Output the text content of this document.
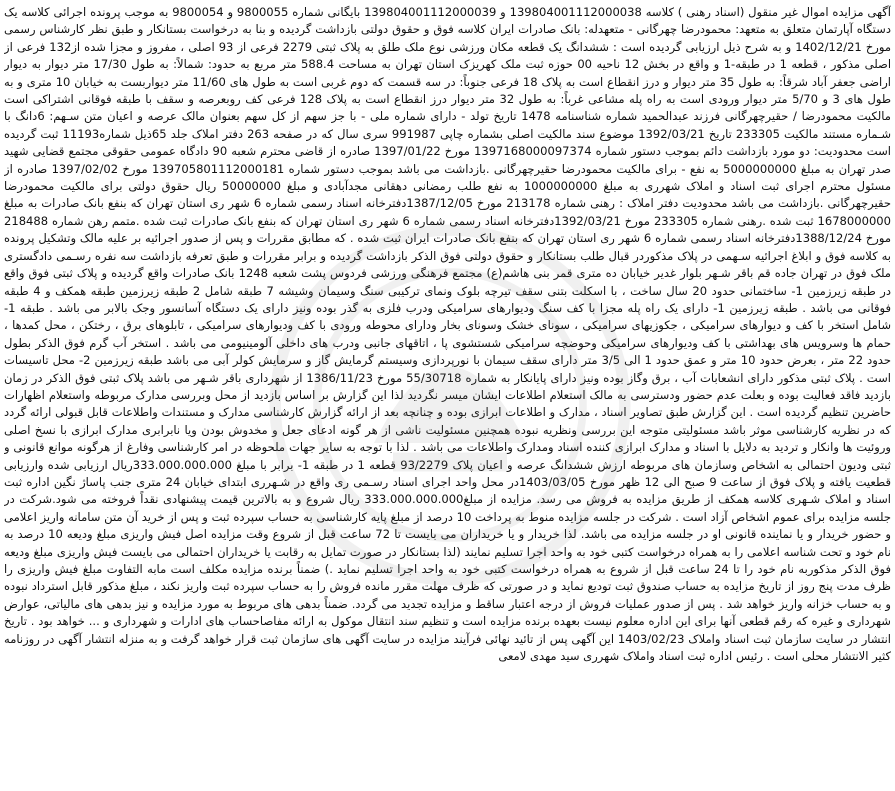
آگهی مزایده اموال غیر منقول (اسناد رهنی ) کلاسه 139804001112000038 و 139804001112000039 بایگانی شماره 9800055 و 9800054 به موجب پرونده اجرائی کلاسه یک دستگاه آپارتمان متعلق به متعهد: محمودرضا چهرگانی - متعهدله: بانک صادرات ایران کلاسه فوق و حقوق دولتی بازداشت گردیده و بنا به درخواست بستانکار و طبق نظر کارشناس رسمی مورخ 1402/12/21 و به شرح ذیل ارزیابی گردیده است : ششدانگ یک قطعه مکان ورزشی نوع ملک طلق به پلاک ثبتی 2279 فرعی از 93 اصلی ، مفروز و مجزا شده از132 فرعی از اصلی مذکور ، قطعه 1 در طبقه-1 و واقع در بخش 12 ناحیه 00 حوزه ثبت ملک کهریزک استان تهران به مساحت 588.4 متر مربع به حدود: شمالاً: به طول 17/30 متر دیوار به دیوار اراضی جعفر آباد شرقاً: به طول 35 متر دیوار و درز انقطاع است به پلاک 18 فرعی جنوباً: در سه قسمت که دوم غربی است به طول های 11/60 متر دیواربست به خیابان 10 متری و به طول های 3 و 5/70 متر دیوار ورودی است به راه پله مشاعی غرباً: به طول 32 متر دیوار درز انقطاع است به پلاک 128 فرعی کف روبعرصه و سقف با طبقه فوقانی اشتراکی است مالکیت محمودرضا / حقیرچهرگانی فرزند عبدالحمید شماره شناسنامه 1478 تاریخ تولد - دارای شماره ملی - با جز سهم از کل سهم بعنوان مالک عرصه و اعیان متن سـهم: 6دانگ با شـماره مستند مالکیت 233305 تاریخ 1392/03/21 موضوع سند مالکیت اصلی بشماره چاپی 991987 سری سال که در صفحه 263 دفتر املاک جلد 65ذیل شماره11193 ثبت گردیده است محدودیت: دو مورد بازداشت دائم بموجب دستور شماره 1397168000097374 مورخ 1397/01/22 صادره از قاضی محترم شعبه 90 دادگاه عمومی حقوقی مجتمع قضایی شهید صدر تهران به مبلغ 5000000000 به نفع - برای مالکیت محمودرضا حقیرچهرگانی .بازداشت می باشد بموجب دستور شماره 139705801112000181 مورخ 1397/02/02 صادره از مسئول محترم اجرای ثبت اسناد و املاک شهرری به مبلغ 1000000000 به نفع طلب رمضانی دهقانی مجدآبادی و مبلغ 50000000 ریال حقوق دولتی برای مالکیت محمودرضا حقیرچهرگانی .بازداشت می باشد محدودیت دفتر املاک : رهنی شماره 213178 مورخ 1387/12/05دفترخانه اسناد رسمی شماره 6 شهر ری استان تهران که بنفع بانک صادرات به مبلغ 1678000000 ثبت شده .رهنی شماره 233305 مورخ 1392/03/21دفترخانه اسناد رسمی شماره 6 شهر ری استان تهران که بنفع بانک صادرات ثبت شده .متمم رهن شماره 218488 مورخ 1388/12/24دفترخانه اسناد رسمی شماره 6 شهر ری استان تهران که بنفع بانک صادرات ایران ثبت شده . که مطابق مقررات و پس از صدور اجرائیه بر علیه مالک وتشکیل پرونده به کلاسه فوق و ابلاغ اجرائیه سـهمی در پلاک مذکوردر قبال طلب بستانکار و حقوق دولتی فوق الذکر بازداشت گردیده و برابر مقررات و طبق تعرفه بازداشت سه نفره رسـمی دادگستری ملک فوق در تهران جاده قم باقر شـهر بلوار غدیر خیابان ده متری قمر بنی هاشم(ع) مجتمع فرهنگی ورزشی فردوس پشت شعبه 1248 بانک صادرات واقع گردیده و پلاک ثبتی فوق واقع در طبقه زیرزمین 1- ساختمانی حدود 20 سال ساخت ، با اسکلت بتنی سقف تیرچه بلوک ونمای ترکیبی سنگ وسیمان وشیشه 7 طبقه شامل 2 طبقه زیرزمین طبقه همکف و 4 طبقه فوقانی می باشد . طبقه زیرزمین 1- دارای یک راه پله مجزا با کف سنگ ودیوارهای سرامیکی ودرب فلزی به گذر بوده ونیز دارای یک دستگاه آسانسور وجک بالابر می باشد . طبقه 1- شامل استخر با کف و دیوارهای سرامیکی ، جکوزیهای سرامیکی ، سونای خشک وسونای بخار ودارای محوطه ورودی با کف ودیوارهای سرامیکی ، تابلوهای برق ، رختکن ، محل کمدها ، حمام ها وسرویس های بهداشتی با کف ودیوارهای سرامیکی وحوضچه سرامیکی شستشوی پا ، اتاقهای جانبی ودرب های داخلی آلومینیومی می باشد . استخر آب گرم فوق الذکر بطول حدود 22 متر ، بعرض حدود 10 متر و عمق حدود 1 الی 3/5 متر دارای سقف سیمان با نورپردازی وسیستم گرمایش گاز و سرمایش کولر آبی می باشد طبقه زیرزمین 2- محل تاسیسات است . پلاک ثبتی مذکور دارای انشعابات آب ، برق وگاز بوده ونیز دارای پایانکار به شماره 55/30718 مورخ 1386/11/23 از شهرداری باقر شـهر می باشد پلاک ثبتی فوق الذکر در زمان بازدید فاقد فعالیت بوده و بعلت عدم حضور ودسترسی به مالک استعلام اطلاعات ایشان میسر نگردید لذا این گزارش بر اساس بازدید از محل وبررسی مدارک مربوطه واستعلام اظهارات حاضرین تنظیم گردیده است . این گزارش طبق تصاویر اسناد ، مدارک و اطلاعات ابرازی بوده و چنانچه بعد از ارائه گزارش کارشناسی مدارک و مستندات واطلاعات قابل قبولی ارائه گردد که در نظریه کارشناسی موثر باشد مسئولیتی متوجه این بررسی ونظریه نبوده همچنین مسئولیت ناشی از هر گونه ادعای جعل و مخدوش بودن ویا نابرابری مدارک ابرازی با نسخ اصلی وروئیت ها وانکار و تردید به دلایل با اسناد و مدارک ابرازی کننده اسناد ومدارک واطلاعات می باشد . لذا با توجه به سایر جهات ملحوظه در امر کارشناسی وفارغ از هرگونه موانع قانونی و ثبتی ودیون احتمالی به اشخاص وسازمان های مربوطه ارزش ششدانگ عرصه و اعیان پلاک 93/2279 قطعه 1 در طبقه 1- برابر با مبلغ 333.000.000.000ریال ارزیابی شده وارزیابی قطعیت یافته و پلاک فوق از ساعت 9 صبح الی 12 ظهر مورخ 1403/03/05در محل واحد اجرای اسناد رسـمی ری واقع در شـهرری ابتدای خیابان 24 متری جنب پاساژ نگین اداره ثبت اسناد و املاک شـهری کلاسه همکف از طریق مزایده به فروش می رسد. مزایده از مبلغ333.000.000.000 ریال شروع و به بالاترین قیمت پیشنهادی نقداً فروخته می شود.شرکت در جلسه مزایده برای عموم اشخاص آزاد است . شرکت در جلسه مزایده منوط به پرداخت 10 درصد از مبلغ پایه کارشناسی به حساب سپرده ثبت و پس از خرید آن متن سامانه واریز اعلامی و حضور خریدار و یا نماینده قانونی او در جلسه مزایده می باشد. لذا خریدار و یا خریداران می بایست تا 72 ساعت قبل از شروع وقت مزایده اصل فیش واریزی مبلغ ودیعه 10 درصد به نام خود و تحت شناسه اعلامی را به همراه درخواست کتبی خود به واحد اجرا تسلیم نمایند (لذا بستانکار در صورت تمایل به رقابت یا خریداران احتمالی می بایست فیش واریزی مبلغ ودیعه فوق الذکر مذکوربه نام خود را تا 24 ساعت قبل از شروع به همراه درخواست کتبی خود به واحد اجرا تسلیم نماید .) ضمناً برنده مزایده مکلف است مابه التفاوت مبلغ فیش واریزی را ظرف مدت پنج روز از تاریخ مزایده به حساب صندوق ثبت تودیع نماید و در صورتی که ظرف مهلت مقرر مانده فروش را به حساب سپرده ثبت واریز نکند ، مبلغ مذکور قابل استرداد نبوده و به حساب خزانه واریز خواهد شد . پس از صدور عملیات فروش از درجه اعتبار ساقط و مزایده تجدید می گردد. ضمناً بدهی های مربوط به مورد مزایده و نیز بدهی های مالیاتی، عوارض شهرداری و غیره که رقم قطعی آنها برای این اداره معلوم نیست بعهده برنده مزایده است و تنظیم سند انتقال موکول به ارائه مفاصاحساب های ادارات و شهرداری و ... خواهد بود . تاریخ انتشار در سایت سازمان ثبت اسناد واملاک 1403/02/23 این آگهی پس از تائید نهائی فرآیند مزایده در سایت آگهی های سازمان ثبت قرار خواهد گرفت و به منزله انتشار آگهی در روزنامه کثیر الانتشار محلی است . رئیس اداره ثبت اسناد واملاک شهرری سید مهدی لامعی
